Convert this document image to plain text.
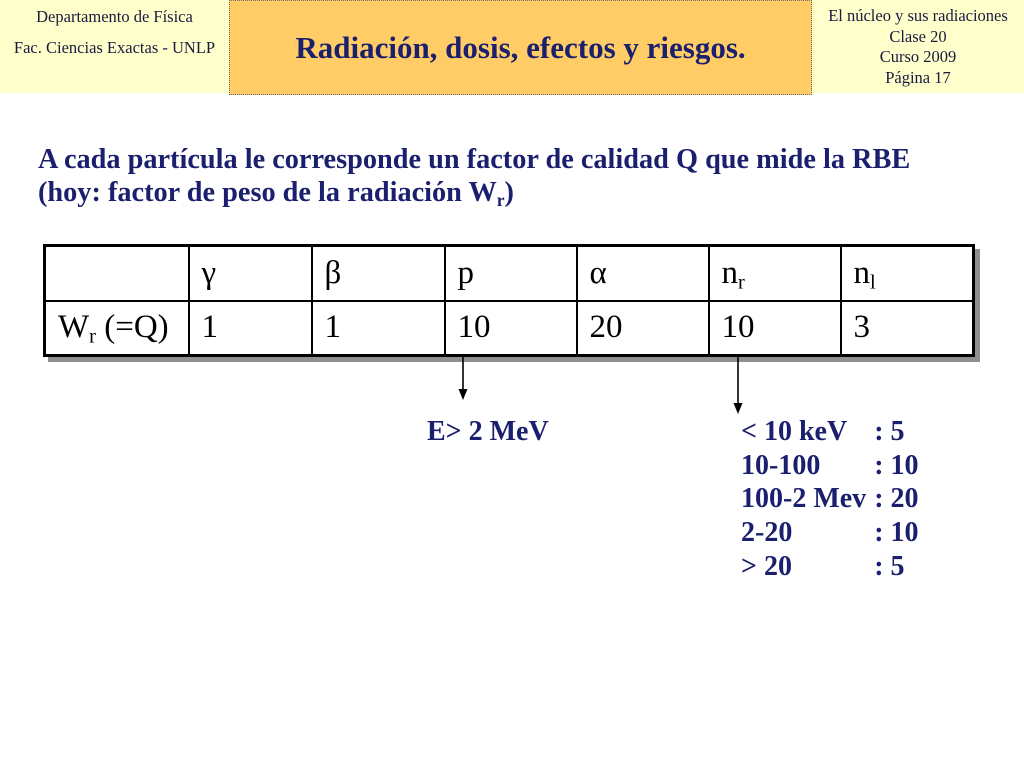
Departamento de Física
Fac. Ciencias Exactas - UNLP	Radiación, dosis, efectos y riesgos.
El núcleo y sus radiaciones
Clase 20
Curso 2009
Página 17
A cada partícula le corresponde un factor de calidad Q que mide la RBE
(hoy: factor de peso de la radiación $W_r$)
	γ	β	p	α	$n_r$	$n_l$
$W_r$ (=Q)	1	1	10	20	10	3
E> 2 MeV	< 10 keV : 5
10-100	: 10
100-2 Mev : 20
2-20	: 10
> 20	: 5
